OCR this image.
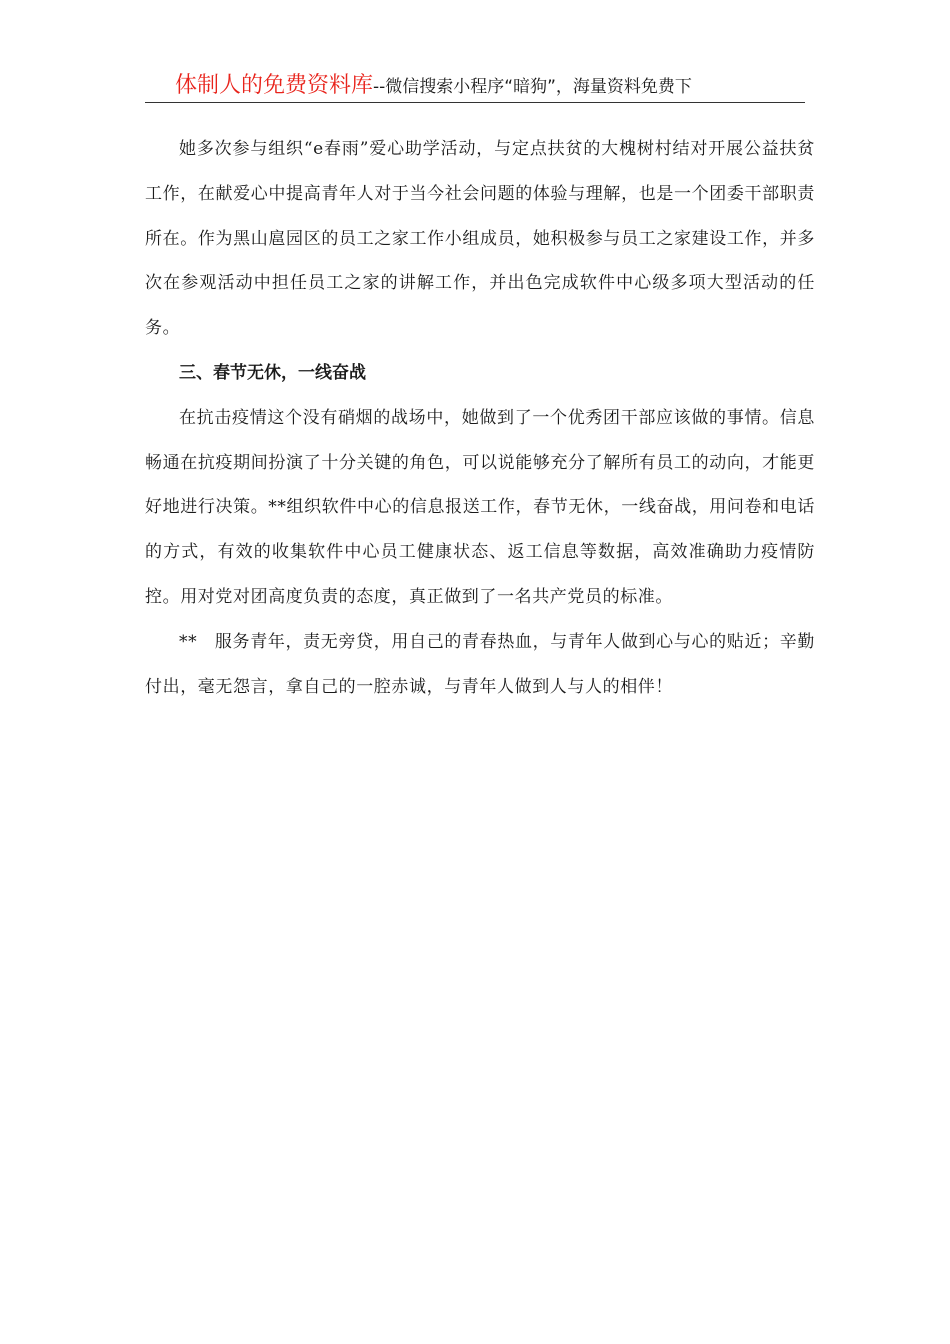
体制人的免费资料库--微信搜索小程序“暗狗”，海量资料免费下

她多次参与组织“e春雨”爱心助学活动，与定点扶贫的大槐树村结对开展公益扶贫工作，在献爱心中提高青年人对于当今社会问题的体验与理解，也是一个团委干部职责所在。作为黑山扈园区的员工之家工作小组成员，她积极参与员工之家建设工作，并多次在参观活动中担任员工之家的讲解工作，并出色完成软件中心级多项大型活动的任务。

三、春节无休，一线奋战

在抗击疫情这个没有硝烟的战场中，她做到了一个优秀团干部应该做的事情。信息畅通在抗疫期间扮演了十分关键的角色，可以说能够充分了解所有员工的动向，才能更好地进行决策。**组织软件中心的信息报送工作，春节无休，一线奋战，用问卷和电话的方式，有效的收集软件中心员工健康状态、返工信息等数据，高效准确助力疫情防控。用对党对团高度负责的态度，真正做到了一名共产党员的标准。

**　服务青年，责无旁贷，用自己的青春热血，与青年人做到心与心的贴近；辛勤付出，毫无怨言，拿自己的一腔赤诚，与青年人做到人与人的相伴！
